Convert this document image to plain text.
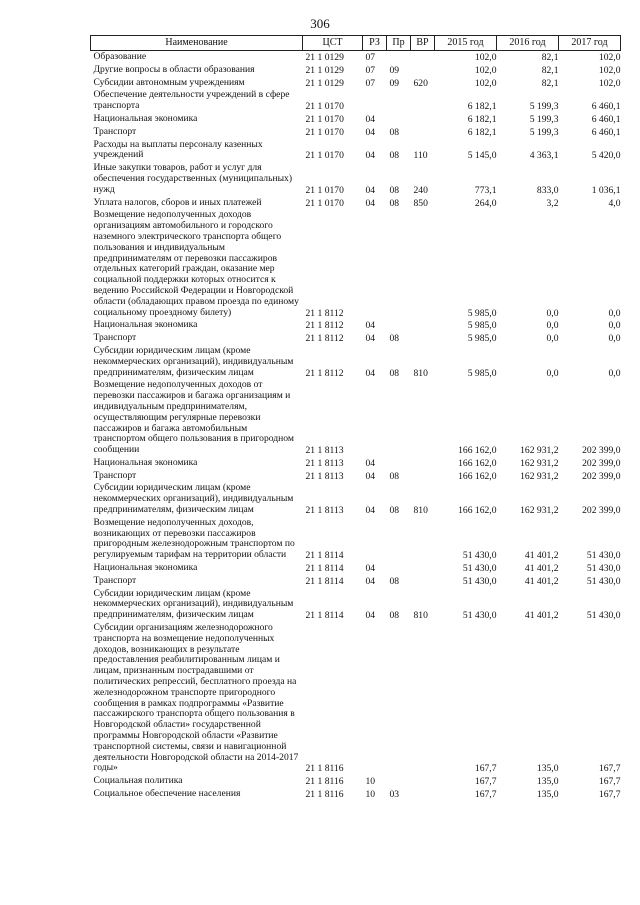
306
Наименование	ЦСТ	РЗ	Пр	ВР	2015 год	2016 год	2017 год
Образование	21 1 0129	07			102,0	82,1	102,0
Другие вопросы в области образования	21 1 0129	07	09		102,0	82,1	102,0
Субсидии автономным учреждениям	21 1 0129	07	09	620	102,0	82,1	102,0
Обеспечение деятельности учреждений в сфере транспорта	21 1 0170				6 182,1	5 199,3	6 460,1
Национальная экономика	21 1 0170	04			6 182,1	5 199,3	6 460,1
Транспорт	21 1 0170	04	08		6 182,1	5 199,3	6 460,1
Расходы на выплаты персоналу казенных учреждений	21 1 0170	04	08	110	5 145,0	4 363,1	5 420,0
Иные закупки товаров, работ и услуг для обеспечения государственных (муниципальных) нужд	21 1 0170	04	08	240	773,1	833,0	1 036,1
Уплата налогов, сборов и иных платежей	21 1 0170	04	08	850	264,0	3,2	4,0
Возмещение недополученных доходов организациям автомобильного и городского наземного электрического транспорта общего пользования и индивидуальным предпринимателям от перевозки пассажиров отдельных категорий граждан, оказание мер социальной поддержки которых относится к ведению Российской Федерации и Новгородской области (обладающих правом проезда по единому социальному проездному билету)	21 1 8112				5 985,0	0,0	0,0
Национальная экономика	21 1 8112	04			5 985,0	0,0	0,0
Транспорт	21 1 8112	04	08		5 985,0	0,0	0,0
Субсидии юридическим лицам (кроме некоммерческих организаций), индивидуальным предпринимателям, физическим лицам	21 1 8112	04	08	810	5 985,0	0,0	0,0
Возмещение недополученных доходов от перевозки пассажиров и багажа организациям и индивидуальным предпринимателям, осуществляющим регулярные перевозки пассажиров и багажа автомобильным транспортом общего пользования в пригородном сообщении	21 1 8113				166 162,0	162 931,2	202 399,0
Национальная экономика	21 1 8113	04			166 162,0	162 931,2	202 399,0
Транспорт	21 1 8113	04	08		166 162,0	162 931,2	202 399,0
Субсидии юридическим лицам (кроме некоммерческих организаций), индивидуальным предпринимателям, физическим лицам	21 1 8113	04	08	810	166 162,0	162 931,2	202 399,0
Возмещение недополученных доходов, возникающих от перевозки пассажиров пригородным железнодорожным транспортом по регулируемым тарифам на территории области	21 1 8114				51 430,0	41 401,2	51 430,0
Национальная экономика	21 1 8114	04			51 430,0	41 401,2	51 430,0
Транспорт	21 1 8114	04	08		51 430,0	41 401,2	51 430,0
Субсидии юридическим лицам (кроме некоммерческих организаций), индивидуальным предпринимателям, физическим лицам	21 1 8114	04	08	810	51 430,0	41 401,2	51 430,0
Субсидии организациям железнодорожного транспорта на возмещение недополученных доходов, возникающих в результате предоставления реабилитированным лицам и лицам, признанным пострадавшими от политических репрессий, бесплатного проезда на железнодорожном транспорте пригородного сообщения в рамках подпрограммы «Развитие пассажирского транспорта общего пользования в Новгородской области» государственной программы Новгородской области «Развитие транспортной системы, связи и навигационной деятельности Новгородской области на 2014-2017 годы»	21 1 8116				167,7	135,0	167,7
Социальная политика	21 1 8116	10			167,7	135,0	167,7
Социальное обеспечение населения	21 1 8116	10	03		167,7	135,0	167,7
